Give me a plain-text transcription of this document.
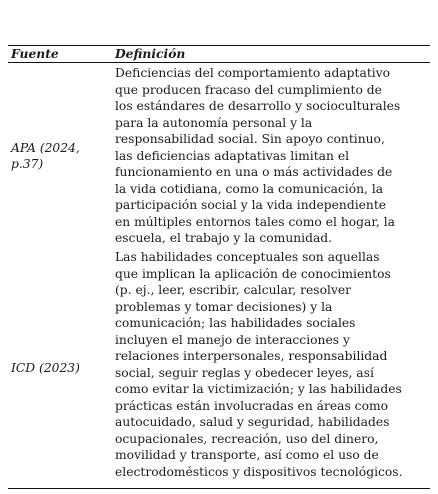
Fuente	Definición
APA (2024,
p.37)
Deficiencias del comportamiento adaptativo
que producen fracaso del cumplimiento de
los estándares de desarrollo y socioculturales
para la autonomía personal y la
responsabilidad social. Sin apoyo continuo,
las deficiencias adaptativas limitan el
funcionamiento en una o más actividades de
la vida cotidiana, como la comunicación, la
participación social y la vida independiente
en múltiples entornos tales como el hogar, la
escuela, el trabajo y la comunidad.
ICD (2023)
Las habilidades conceptuales son aquellas
que implican la aplicación de conocimientos
(p. ej., leer, escribir, calcular, resolver
problemas y tomar decisiones) y la
comunicación; las habilidades sociales
incluyen el manejo de interacciones y
relaciones interpersonales, responsabilidad
social, seguir reglas y obedecer leyes, así
como evitar la victimización; y las habilidades
prácticas están involucradas en áreas como
autocuidado, salud y seguridad, habilidades
ocupacionales, recreación, uso del dinero,
movilidad y transporte, así como el uso de
electrodomésticos y dispositivos tecnológicos.
